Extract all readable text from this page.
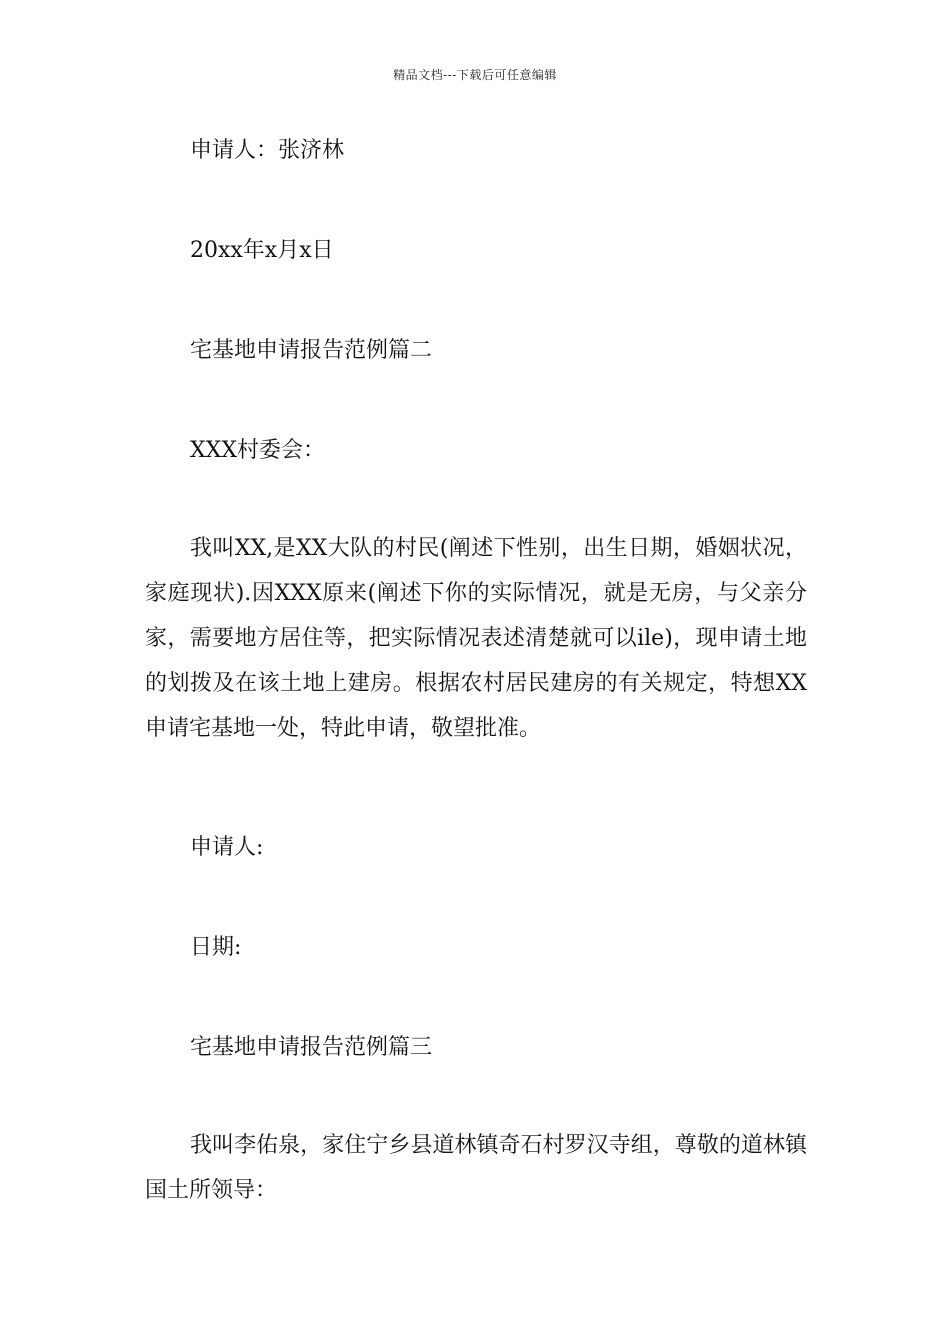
精品文档---下载后可任意编辑
申请人：张济林
20xx年x月x日
宅基地申请报告范例篇二
XXX村委会：

我叫XX,是XX大队的村民(阐述下性别，出生日期，婚姻状况，家庭现状).因XXX原来(阐述下你的实际情况，就是无房，与父亲分家，需要地方居住等，把实际情况表述清楚就可以ile)，现申请土地的划拨及在该土地上建房。根据农村居民建房的有关规定，特想XX申请宅基地一处，特此申请，敬望批准。

申请人:
日期:
宅基地申请报告范例篇三

我叫李佑泉，家住宁乡县道林镇奇石村罗汉寺组，尊敬的道林镇国土所领导：
